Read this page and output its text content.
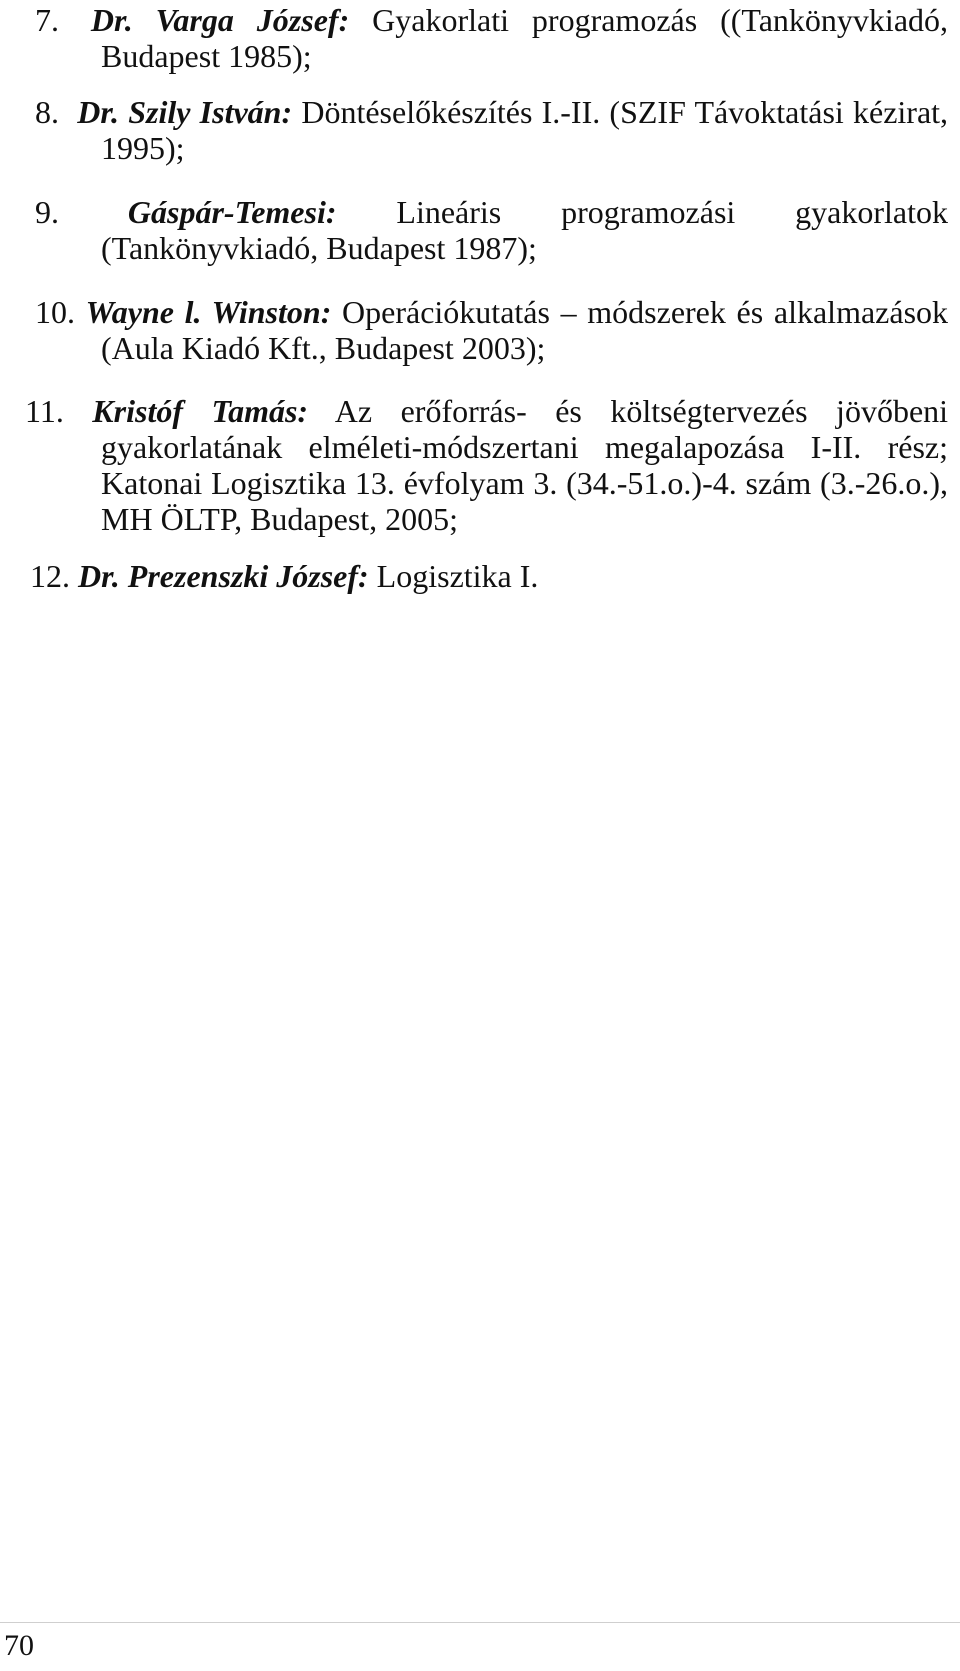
7. Dr. Varga József: Gyakorlati programozás ((Tankönyvkiadó, Budapest 1985);
8. Dr. Szily István: Döntéselőkészítés I.-II. (SZIF Távoktatási kézirat, 1995);
9. Gáspár-Temesi: Lineáris programozási gyakorlatok (Tankönyvkiadó, Budapest 1987);
10. Wayne l. Winston: Operációkutatás – módszerek és alkalmazások (Aula Kiadó Kft., Budapest 2003);
11. Kristóf Tamás: Az erőforrás- és költségtervezés jövőbeni gyakorlatának elméleti-módszertani megalapozása I-II. rész; Katonai Logisztika 13. évfolyam 3. (34.-51.o.)-4. szám (3.-26.o.), MH ÖLTP, Budapest, 2005;
12. Dr. Prezenszki József: Logisztika I.
70
